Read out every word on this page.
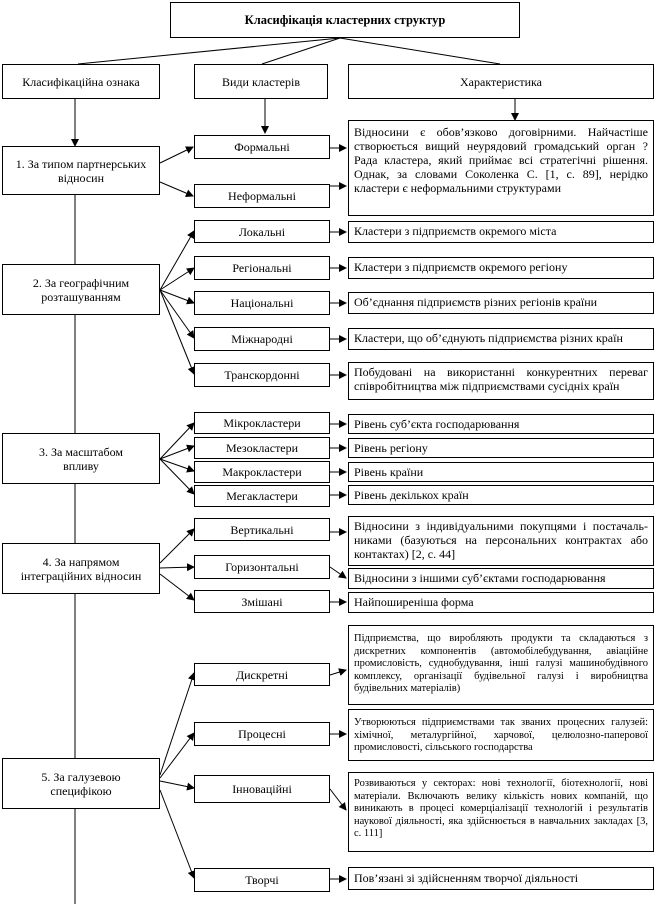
Класифікація кластерних структур
Класифікаційна ознака	Види кластерів	Характеристика
1. За типом партнерських відносин
Формальні
Неформальні
Відносини є обов’язково договірними. Найчастіше створюється вищий неурядовий громадський орган ? Рада кластера, який приймає всі стратегічні рішення. Однак, за словами Соколенка С. [1, с. 89], нерідко кластери є неформальними структурами
2. За географічним розташуванням
Локальні
Регіональні
Національні
Міжнародні
Транскордонні
Кластери з підприємств окремого міста
Кластери з підприємств окремого регіону
Об’єднання підприємств різних регіонів країни
Кластери, що об’єднують підприємства різних країн
Побудовані на використанні конкурентних переваг співробітництва між підприємствами сусідніх країн
3. За масштабом впливу
Мікрокластери
Мезокластери
Макрокластери
Мегакластери
Рівень суб’єкта господарювання
Рівень регіону
Рівень країни
Рівень декількох країн
4. За напрямом інтеграційних відносин
Вертикальні
Горизонтальні
Змішані
Відносини з індивідуальними покупцями і постачаль-никами (базуються на персональних контрактах або контактах) [2, с. 44]
Відносини з іншими суб’єктами господарювання
Найпоширеніша форма
5. За галузевою специфікою
Дискретні
Процесні
Інноваційні
Творчі
Підприємства, що виробляють продукти та складаються з дискретних компонентів (автомобілебудування, авіаційне промисловість, суднобудування, інші галузі машинобудівного комплексу, організації будівельної галузі і виробництва будівельних матеріалів)
Утворюються підприємствами так званих процесних галузей: хімічної, металургійної, харчової, целюлозно-паперової промисловості, сільського господарства
Розвиваються у секторах: нові технології, біотехнології, нові матеріали. Включають велику кількість нових компаній, що виникають в процесі комерціалізації технологій і результатів наукової діяльності, яка здійснюється в навчальних закладах [3, с. 111]
Пов’язані зі здійсненням творчої діяльності
